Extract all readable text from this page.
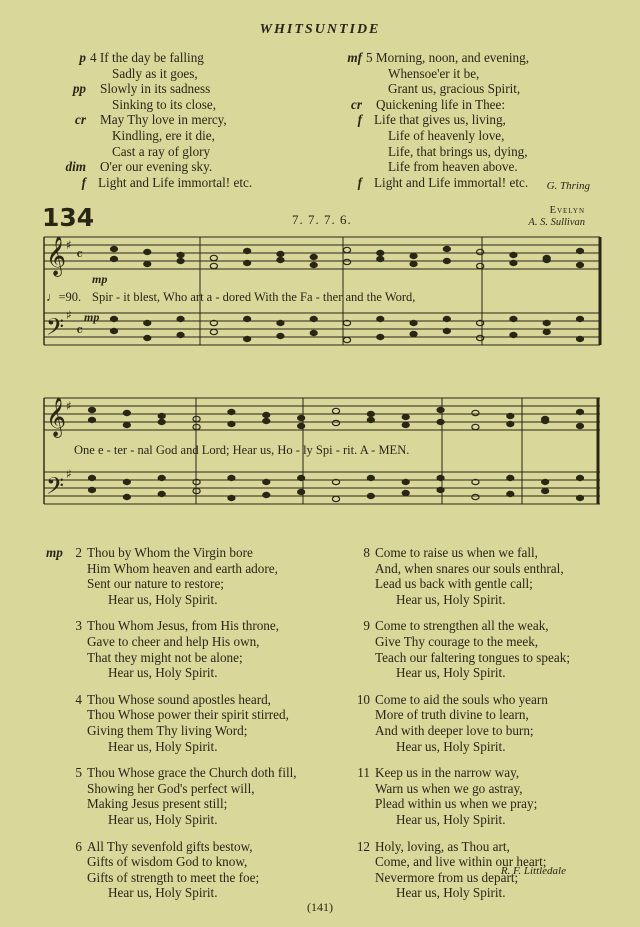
WHITSUNTIDE
p 4 If the day be falling
Sadly as it goes,
pp Slowly in its sadness
Sinking to its close,
cr May Thy love in mercy,
Kindling, ere it die,
Cast a ray of glory
dim O'er our evening sky.
f Light and Life immortal! etc.
mf 5 Morning, noon, and evening,
Whensoe'er it be,
Grant us, gracious Spirit,
cr Quickening life in Thee:
f Life that gives us, living,
Life of heavenly love,
Life, that brings us, dying,
Life from heaven above.
f Light and Life immortal! etc. G. Thring
134	7. 7. 7. 6.
Evelyn
A. S. Sullivan
𝄞
𝄢
♯
♯
𝄴
𝄴
𝄞
𝄢
♯
♯
mp
♩=90. Spir - it blest, Who art a - dored With the Fa - ther and the Word,
mp
One e - ter - nal God and Lord; Hear us, Ho - ly Spi - rit. A - MEN.
mp 2 Thou by Whom the Virgin bore
Him Whom heaven and earth adore,
Sent our nature to restore;
Hear us, Holy Spirit.
3 Thou Whom Jesus, from His throne,
Gave to cheer and help His own,
That they might not be alone;
Hear us, Holy Spirit.
4 Thou Whose sound apostles heard,
Thou Whose power their spirit stirred,
Giving them Thy living Word;
Hear us, Holy Spirit.
5 Thou Whose grace the Church doth fill,
Showing her God's perfect will,
Making Jesus present still;
Hear us, Holy Spirit.
6 All Thy sevenfold gifts bestow,
Gifts of wisdom God to know,
Gifts of strength to meet the foe;
Hear us, Holy Spirit.
8 Come to raise us when we fall,
And, when snares our souls enthral,
Lead us back with gentle call;
Hear us, Holy Spirit.
9 Come to strengthen all the weak,
Give Thy courage to the meek,
Teach our faltering tongues to speak;
Hear us, Holy Spirit.
10 Come to aid the souls who yearn
More of truth divine to learn,
And with deeper love to burn;
Hear us, Holy Spirit.
11 Keep us in the narrow way,
Warn us when we go astray,
Plead within us when we pray;
Hear us, Holy Spirit.
12 Holy, loving, as Thou art,
Come, and live within our heart;
Nevermore from us depart;
Hear us, Holy Spirit.
R. F. Littledale
(141)
